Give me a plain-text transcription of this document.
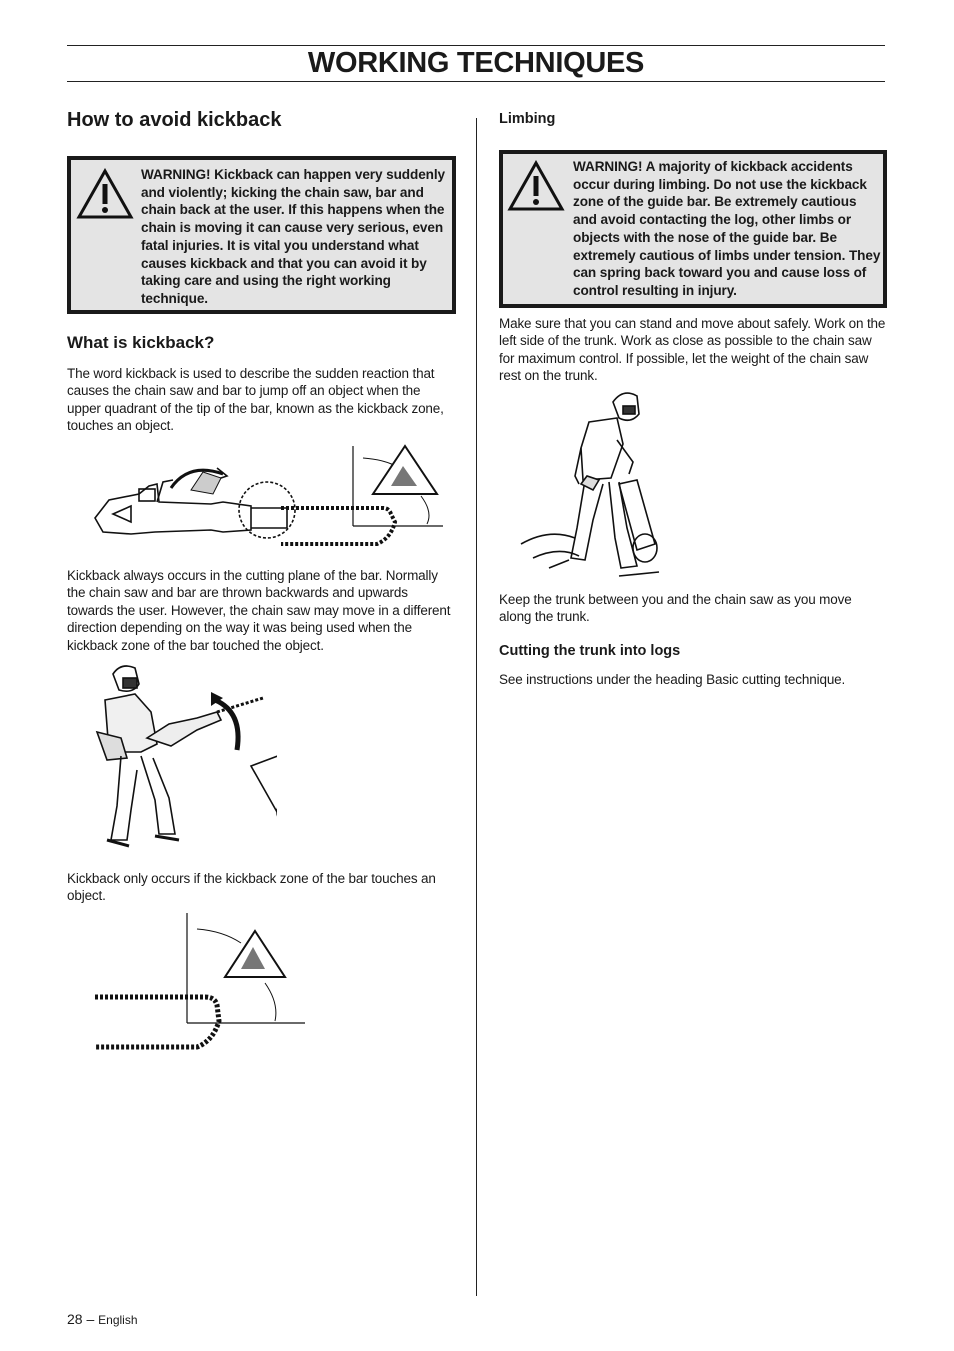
WORKING TECHNIQUES
How to avoid kickback

WARNING! Kickback can happen very suddenly and violently; kicking the chain saw, bar and chain back at the user. If this happens when the chain is moving it can cause very serious, even fatal injuries. It is vital you understand what causes kickback and that you can avoid it by taking care and using the right working technique.

What is kickback?

The word kickback is used to describe the sudden reaction that causes the chain saw and bar to jump off an object when the upper quadrant of the tip of the bar, known as the kickback zone, touches an object.

Kickback always occurs in the cutting plane of the bar. Normally the chain saw and bar are thrown backwards and upwards towards the user. However, the chain saw may move in a different direction depending on the way it was being used when the kickback zone of the bar touched the object.

Kickback only occurs if the kickback zone of the bar touches an object.

Limbing

WARNING! A majority of kickback accidents occur during limbing. Do not use the kickback zone of the guide bar. Be extremely cautious and avoid contacting the log, other limbs or objects with the nose of the guide bar. Be extremely cautious of limbs under tension. They can spring back toward you and cause loss of control resulting in injury.

Make sure that you can stand and move about safely. Work on the left side of the trunk. Work as close as possible to the chain saw for maximum control. If possible, let the weight of the chain saw rest on the trunk.

Keep the trunk between you and the chain saw as you move along the trunk.

Cutting the trunk into logs

See instructions under the heading Basic cutting technique.

28 – English
